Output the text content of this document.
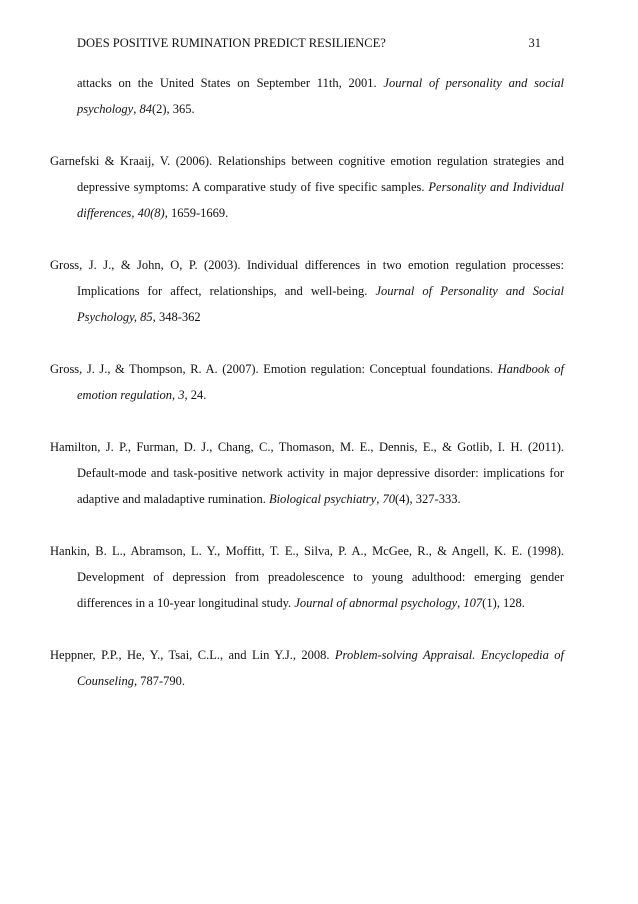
DOES POSITIVE RUMINATION PREDICT RESILIENCE?	31

attacks on the United States on September 11th, 2001. Journal of personality and social psychology, 84(2), 365.

Garnefski & Kraaij, V. (2006). Relationships between cognitive emotion regulation strategies and depressive symptoms: A comparative study of five specific samples. Personality and Individual differences, 40(8), 1659-1669.

Gross, J. J., & John, O, P. (2003). Individual differences in two emotion regulation processes: Implications for affect, relationships, and well-being. Journal of Personality and Social Psychology, 85, 348-362

Gross, J. J., & Thompson, R. A. (2007). Emotion regulation: Conceptual foundations. Handbook of emotion regulation, 3, 24.

Hamilton, J. P., Furman, D. J., Chang, C., Thomason, M. E., Dennis, E., & Gotlib, I. H. (2011). Default-mode and task-positive network activity in major depressive disorder: implications for adaptive and maladaptive rumination. Biological psychiatry, 70(4), 327-333.

Hankin, B. L., Abramson, L. Y., Moffitt, T. E., Silva, P. A., McGee, R., & Angell, K. E. (1998). Development of depression from preadolescence to young adulthood: emerging gender differences in a 10-year longitudinal study. Journal of abnormal psychology, 107(1), 128.

Heppner, P.P., He, Y., Tsai, C.L., and Lin Y.J., 2008. Problem-solving Appraisal. Encyclopedia of Counseling, 787-790.
